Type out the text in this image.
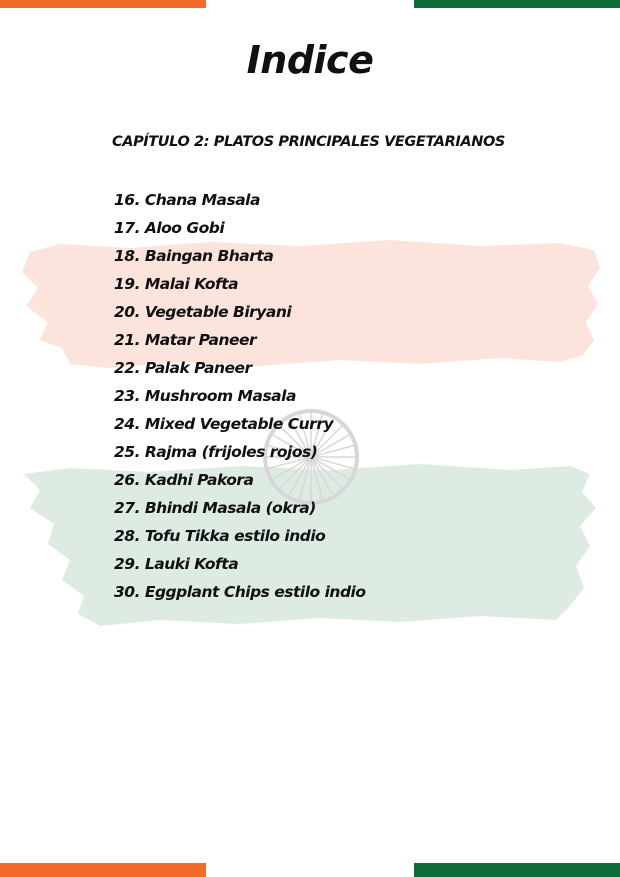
Indice
CAPÍTULO 2: PLATOS PRINCIPALES VEGETARIANOS
16. Chana Masala
17. Aloo Gobi
18. Baingan Bharta
19. Malai Kofta
20. Vegetable Biryani
21. Matar Paneer
22. Palak Paneer
23. Mushroom Masala
24. Mixed Vegetable Curry
25. Rajma (frijoles rojos)
26. Kadhi Pakora
27. Bhindi Masala (okra)
28. Tofu Tikka estilo indio
29. Lauki Kofta
30. Eggplant Chips estilo indio
